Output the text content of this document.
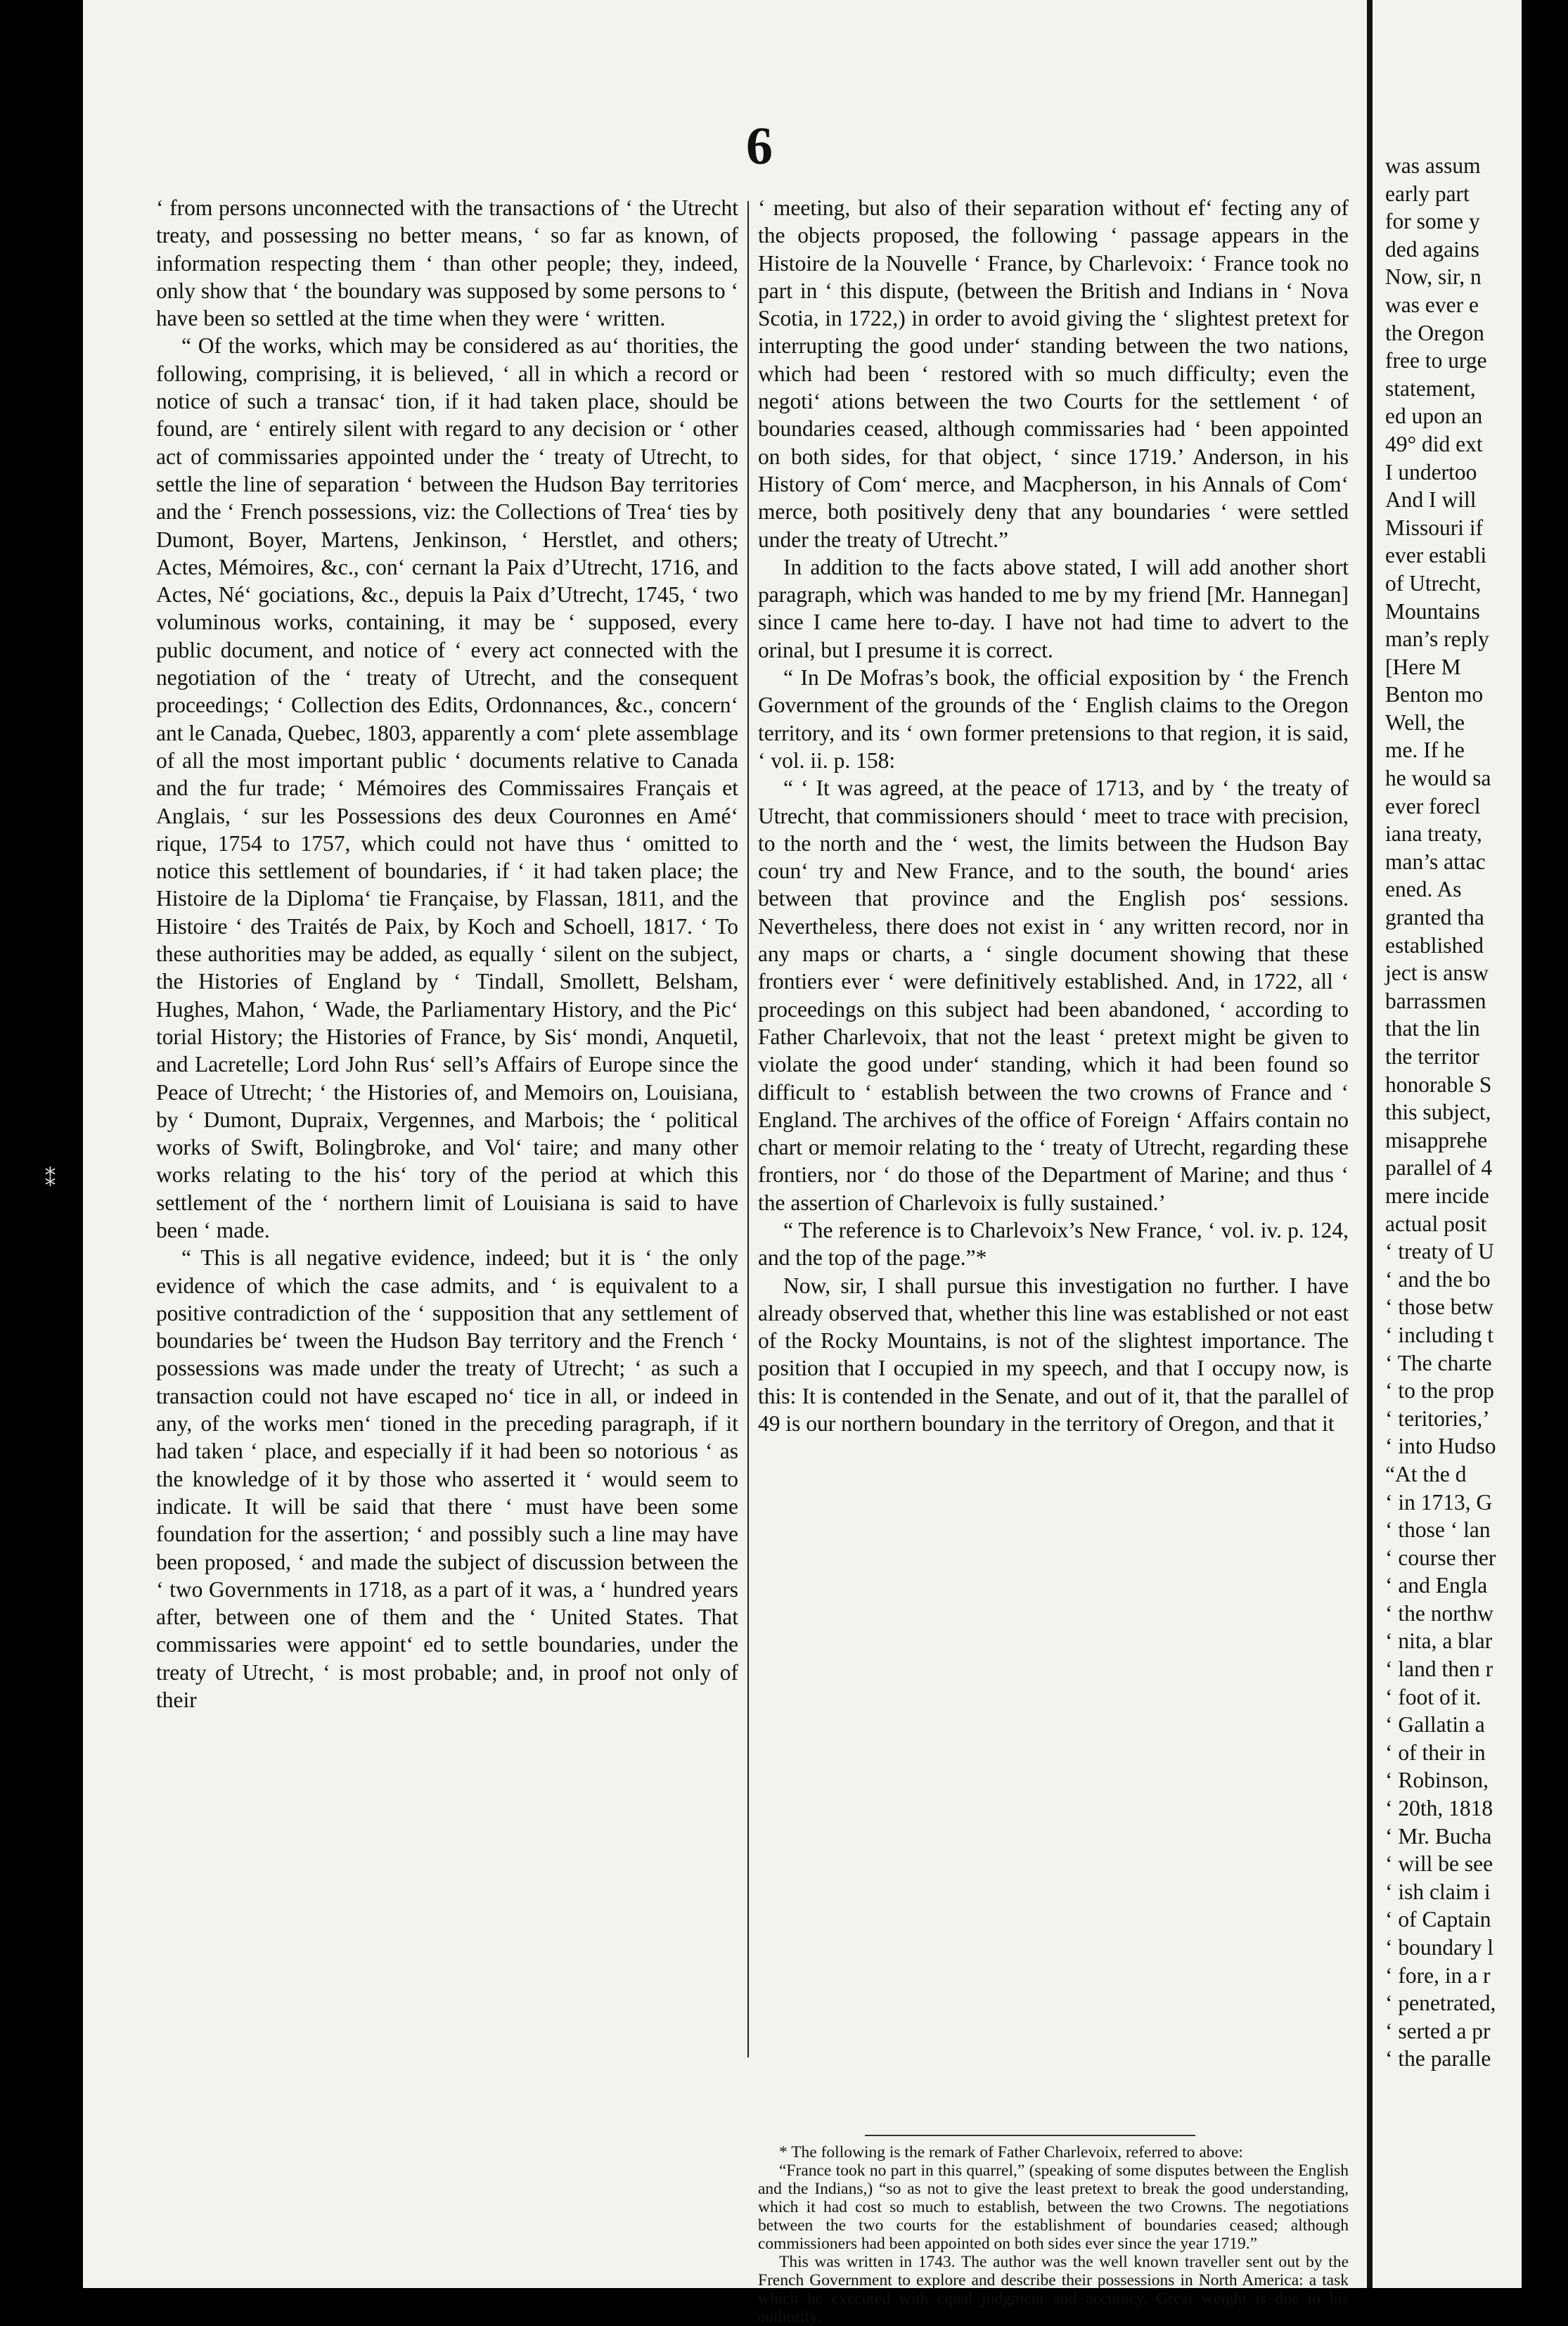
⁑
6

‘ from persons unconnected with the transactions of ‘ the Utrecht treaty, and possessing no better means, ‘ so far as known, of information respecting them ‘ than other people; they, indeed, only show that ‘ the boundary was supposed by some persons to ‘ have been so settled at the time when they were ‘ written.

“ Of the works, which may be considered as au‘ thorities, the following, comprising, it is believed, ‘ all in which a record or notice of such a transac‘ tion, if it had taken place, should be found, are ‘ entirely silent with regard to any decision or ‘ other act of commissaries appointed under the ‘ treaty of Utrecht, to settle the line of separation ‘ between the Hudson Bay territories and the ‘ French possessions, viz: the Collections of Trea‘ ties by Dumont, Boyer, Martens, Jenkinson, ‘ Herstlet, and others; Actes, Mémoires, &c., con‘ cernant la Paix d’Utrecht, 1716, and Actes, Né‘ gociations, &c., depuis la Paix d’Utrecht, 1745, ‘ two voluminous works, containing, it may be ‘ supposed, every public document, and notice of ‘ every act connected with the negotiation of the ‘ treaty of Utrecht, and the consequent proceedings; ‘ Collection des Edits, Ordonnances, &c., concern‘ ant le Canada, Quebec, 1803, apparently a com‘ plete assemblage of all the most important public ‘ documents relative to Canada and the fur trade; ‘ Mémoires des Commissaires Français et Anglais, ‘ sur les Possessions des deux Couronnes en Amé‘ rique, 1754 to 1757, which could not have thus ‘ omitted to notice this settlement of boundaries, if ‘ it had taken place; the Histoire de la Diploma‘ tie Française, by Flassan, 1811, and the Histoire ‘ des Traités de Paix, by Koch and Schoell, 1817. ‘ To these authorities may be added, as equally ‘ silent on the subject, the Histories of England by ‘ Tindall, Smollett, Belsham, Hughes, Mahon, ‘ Wade, the Parliamentary History, and the Pic‘ torial History; the Histories of France, by Sis‘ mondi, Anquetil, and Lacretelle; Lord John Rus‘ sell’s Affairs of Europe since the Peace of Utrecht; ‘ the Histories of, and Memoirs on, Louisiana, by ‘ Dumont, Dupraix, Vergennes, and Marbois; the ‘ political works of Swift, Bolingbroke, and Vol‘ taire; and many other works relating to the his‘ tory of the period at which this settlement of the ‘ northern limit of Louisiana is said to have been ‘ made.

“ This is all negative evidence, indeed; but it is ‘ the only evidence of which the case admits, and ‘ is equivalent to a positive contradiction of the ‘ supposition that any settlement of boundaries be‘ tween the Hudson Bay territory and the French ‘ possessions was made under the treaty of Utrecht; ‘ as such a transaction could not have escaped no‘ tice in all, or indeed in any, of the works men‘ tioned in the preceding paragraph, if it had taken ‘ place, and especially if it had been so notorious ‘ as the knowledge of it by those who asserted it ‘ would seem to indicate. It will be said that there ‘ must have been some foundation for the assertion; ‘ and possibly such a line may have been proposed, ‘ and made the subject of discussion between the ‘ two Governments in 1718, as a part of it was, a ‘ hundred years after, between one of them and the ‘ United States. That commissaries were appoint‘ ed to settle boundaries, under the treaty of Utrecht, ‘ is most probable; and, in proof not only of their

‘ meeting, but also of their separation without ef‘ fecting any of the objects proposed, the following ‘ passage appears in the Histoire de la Nouvelle ‘ France, by Charlevoix: ‘ France took no part in ‘ this dispute, (between the British and Indians in ‘ Nova Scotia, in 1722,) in order to avoid giving the ‘ slightest pretext for interrupting the good under‘ standing between the two nations, which had been ‘ restored with so much difficulty; even the negoti‘ ations between the two Courts for the settlement ‘ of boundaries ceased, although commissaries had ‘ been appointed on both sides, for that object, ‘ since 1719.’ Anderson, in his History of Com‘ merce, and Macpherson, in his Annals of Com‘ merce, both positively deny that any boundaries ‘ were settled under the treaty of Utrecht.”

In addition to the facts above stated, I will add another short paragraph, which was handed to me by my friend [Mr. Hannegan] since I came here to-day. I have not had time to advert to the orinal, but I presume it is correct.

“ In De Mofras’s book, the official exposition by ‘ the French Government of the grounds of the ‘ English claims to the Oregon territory, and its ‘ own former pretensions to that region, it is said, ‘ vol. ii. p. 158:

“ ‘ It was agreed, at the peace of 1713, and by ‘ the treaty of Utrecht, that commissioners should ‘ meet to trace with precision, to the north and the ‘ west, the limits between the Hudson Bay coun‘ try and New France, and to the south, the bound‘ aries between that province and the English pos‘ sessions. Nevertheless, there does not exist in ‘ any written record, nor in any maps or charts, a ‘ single document showing that these frontiers ever ‘ were definitively established. And, in 1722, all ‘ proceedings on this subject had been abandoned, ‘ according to Father Charlevoix, that not the least ‘ pretext might be given to violate the good under‘ standing, which it had been found so difficult to ‘ establish between the two crowns of France and ‘ England. The archives of the office of Foreign ‘ Affairs contain no chart or memoir relating to the ‘ treaty of Utrecht, regarding these frontiers, nor ‘ do those of the Department of Marine; and thus ‘ the assertion of Charlevoix is fully sustained.’

“ The reference is to Charlevoix’s New France, ‘ vol. iv. p. 124, and the top of the page.”*

Now, sir, I shall pursue this investigation no further. I have already observed that, whether this line was established or not east of the Rocky Mountains, is not of the slightest importance. The position that I occupied in my speech, and that I occupy now, is this: It is contended in the Senate, and out of it, that the parallel of 49 is our northern boundary in the territory of Oregon, and that it

* The following is the remark of Father Charlevoix, referred to above:

“France took no part in this quarrel,” (speaking of some disputes between the English and the Indians,) “so as not to give the least pretext to break the good understanding, which it had cost so much to establish, between the two Crowns. The negotiations between the two courts for the establishment of boundaries ceased; although commissioners had been appointed on both sides ever since the year 1719.”

This was written in 1743. The author was the well known traveller sent out by the French Government to explore and describe their possessions in North America: a task which he executed with equal judgment and accuracy. Great weight is due to his authority.

was assum
early part
for some y
ded agains
Now, sir, n
was ever e
the Oregon
free to urge
statement,
ed upon an
49° did ext
I undertoo
And I will
Missouri if
ever establi
of Utrecht,
Mountains
man’s reply
[Here M
Benton mo
Well, the
me. If he
he would sa
ever forecl
iana treaty,
man’s attac
ened. As
granted tha
established
ject is answ
barrassmen
that the lin
the territor
honorable S
this subject,
misapprehe
parallel of 4
mere incide
actual posit
‘ treaty of U
‘ and the bo
‘ those betw
‘ including t
‘ The charte
‘ to the prop
‘ teritories,’
‘ into Hudso
“At the d
‘ in 1713, G
‘ those ‘ lan
‘ course ther
‘ and Engla
‘ the northw
‘ nita, a blar
‘ land then r
‘ foot of it.
‘ Gallatin a
‘ of their in
‘ Robinson,
‘ 20th, 1818
‘ Mr. Bucha
‘ will be see
‘ ish claim i
‘ of Captain
‘ boundary l
‘ fore, in a r
‘ penetrated,
‘ serted a pr
‘ the paralle
